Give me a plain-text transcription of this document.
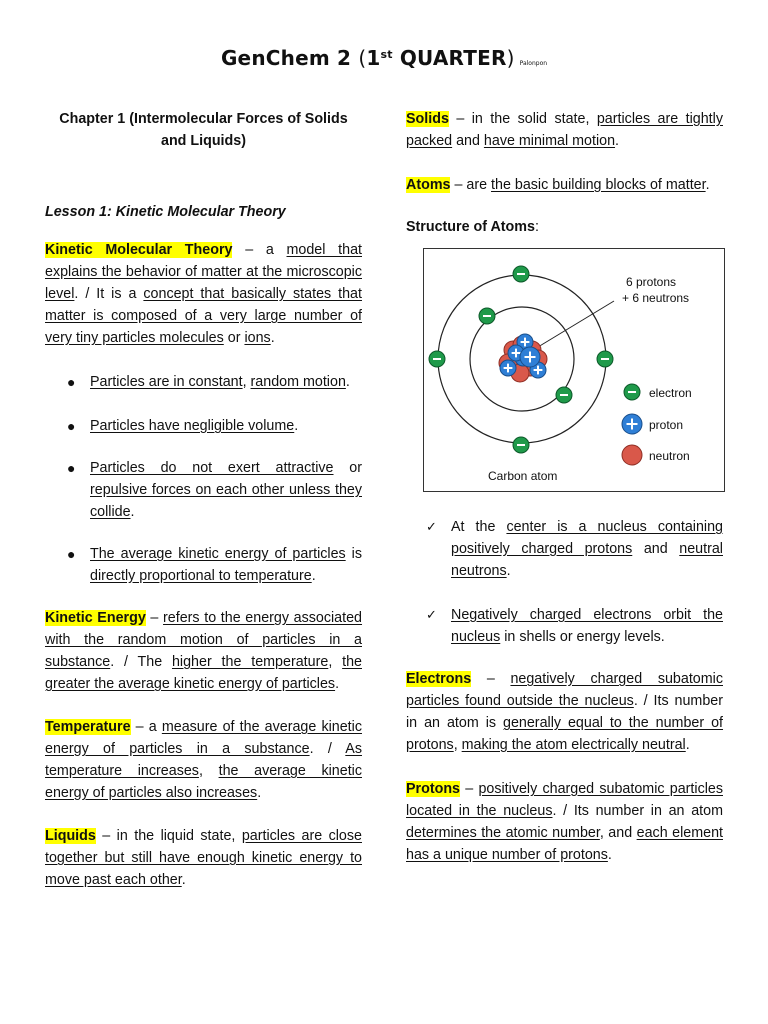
GenChem 2 (1st QUARTER) Palonpon

Chapter 1 (Intermolecular Forces of Solids and Liquids)

Lesson 1: Kinetic Molecular Theory

Kinetic Molecular Theory – a model that explains the behavior of matter at the microscopic level. / It is a concept that basically states that matter is composed of a very large number of very tiny particles molecules or ions.

● Particles are in constant, random motion.
● Particles have negligible volume.
● Particles do not exert attractive or repulsive forces on each other unless they collide.
● The average kinetic energy of particles is directly proportional to temperature.

Kinetic Energy – refers to the energy associated with the random motion of particles in a substance. / The higher the temperature, the greater the average kinetic energy of particles.

Temperature – a measure of the average kinetic energy of particles in a substance. / As temperature increases, the average kinetic energy of particles also increases.

Liquids – in the liquid state, particles are close together but still have enough kinetic energy to move past each other.

Solids – in the solid state, particles are tightly packed and have minimal motion.

Atoms – are the basic building blocks of matter.

Structure of Atoms:

6 protons
+ 6 neutrons
electron
proton
neutron
Carbon atom
✓ At the center is a nucleus containing positively charged protons and neutral neutrons.
✓ Negatively charged electrons orbit the nucleus in shells or energy levels.

Electrons – negatively charged subatomic particles found outside the nucleus. / Its number in an atom is generally equal to the number of protons, making the atom electrically neutral.

Protons – positively charged subatomic particles located in the nucleus. / Its number in an atom determines the atomic number, and each element has a unique number of protons.
